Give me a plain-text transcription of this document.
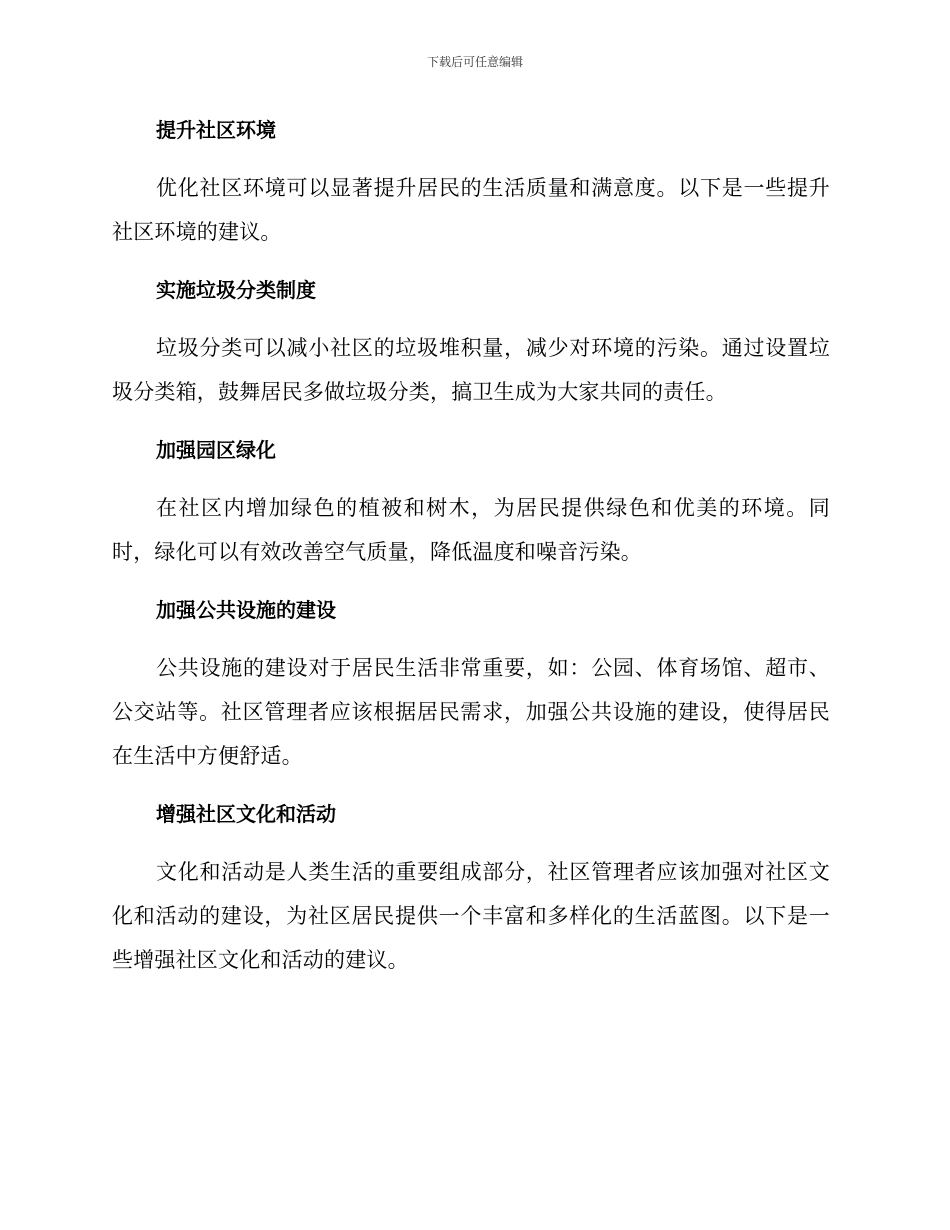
下载后可任意编辑
提升社区环境

优化社区环境可以显著提升居民的生活质量和满意度。以下是一些提升社区环境的建议。

实施垃圾分类制度

垃圾分类可以减小社区的垃圾堆积量，减少对环境的污染。通过设置垃圾分类箱，鼓舞居民多做垃圾分类，搞卫生成为大家共同的责任。

加强园区绿化

在社区内增加绿色的植被和树木，为居民提供绿色和优美的环境。同时，绿化可以有效改善空气质量，降低温度和噪音污染。

加强公共设施的建设

公共设施的建设对于居民生活非常重要，如：公园、体育场馆、超市、公交站等。社区管理者应该根据居民需求，加强公共设施的建设，使得居民在生活中方便舒适。

增强社区文化和活动

文化和活动是人类生活的重要组成部分，社区管理者应该加强对社区文化和活动的建设，为社区居民提供一个丰富和多样化的生活蓝图。以下是一些增强社区文化和活动的建议。
